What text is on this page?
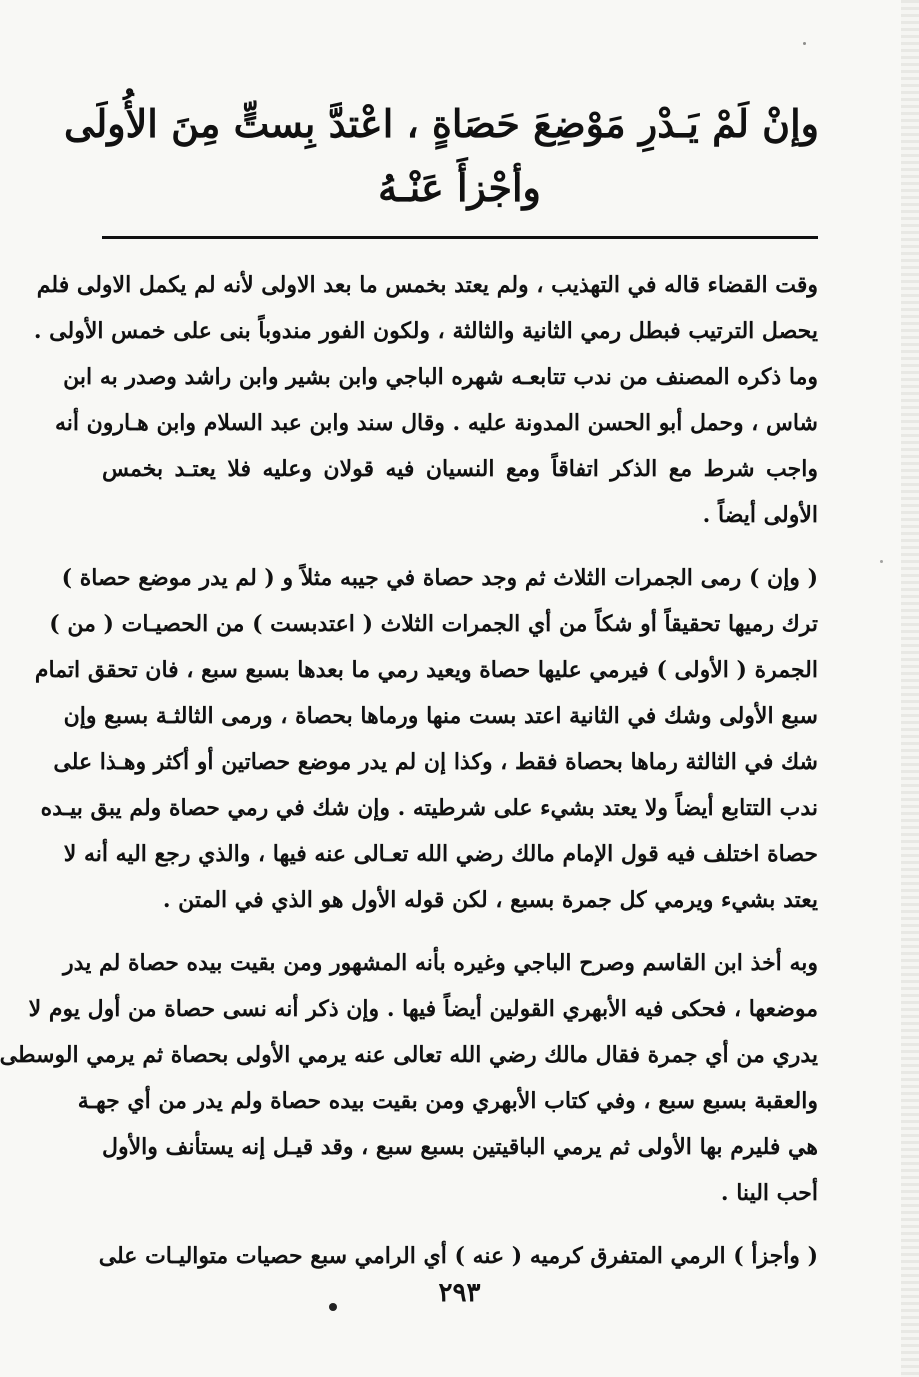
وإنْ لَمْ يَـدْرِ مَوْضِعَ حَصَاةٍ ، اعْتدَّ بِستٍّ مِنَ الأُولَى
وأجْزأَ عَنْـهُ
وقت القضاء قاله في التهذيب ، ولم يعتد بخمس ما بعد الاولى لأنه لم يكمل الاولى فلم
يحصل الترتيب فبطل رمي الثانية والثالثة ، ولكون الفور مندوباً بنى على خمس الأولى .
وما ذكره المصنف من ندب تتابعـه شهره الباجي وابن بشير وابن راشد وصدر به ابن
شاس ، وحمل أبو الحسن المدونة عليه . وقال سند وابن عبد السلام وابن هـارون أنه
واجب شرط مع الذكر اتفاقاً ومع النسيان فيه قولان وعليه فلا يعتـد بخمس
الأولى أيضاً .
( وإن ) رمى الجمرات الثلاث ثم وجد حصاة في جيبه مثلاً و ( لم يدر موضع حصاة )
ترك رميها تحقيقاً أو شكاً من أي الجمرات الثلاث ( اعتدبست ) من الحصيـات ( من )
الجمرة ( الأولى ) فيرمي عليها حصاة ويعيد رمي ما بعدها بسبع سبع ، فان تحقق اتمام
سبع الأولى وشك في الثانية اعتد بست منها ورماها بحصاة ، ورمى الثالثـة بسبع وإن
شك في الثالثة رماها بحصاة فقط ، وكذا إن لم يدر موضع حصاتين أو أكثر وهـذا على
ندب التتابع أيضاً ولا يعتد بشيء على شرطيته . وإن شك في رمي حصاة ولم يبق بيـده
حصاة اختلف فيه قول الإمام مالك رضي الله تعـالى عنه فيها ، والذي رجع اليه أنه لا
يعتد بشيء ويرمي كل جمرة بسبع ، لكن قوله الأول هو الذي في المتن .
وبه أخذ ابن القاسم وصرح الباجي وغيره بأنه المشهور ومن بقيت بيده حصاة لم يدر
موضعها ، فحكى فيه الأبهري القولين أيضاً فيها . وإن ذكر أنه نسى حصاة من أول يوم لا
يدري من أي جمرة فقال مالك رضي الله تعالى عنه يرمي الأولى بحصاة ثم يرمي الوسطى
والعقبة بسبع سبع ، وفي كتاب الأبهري ومن بقيت بيده حصاة ولم يدر من أي جهـة
هي فليرم بها الأولى ثم يرمي الباقيتين بسبع سبع ، وقد قيـل إنه يستأنف والأول
أحب الينا .
( وأجزأ ) الرمي المتفرق كرميه ( عنه ) أي الرامي سبع حصيات متواليـات على
٢٩٣
